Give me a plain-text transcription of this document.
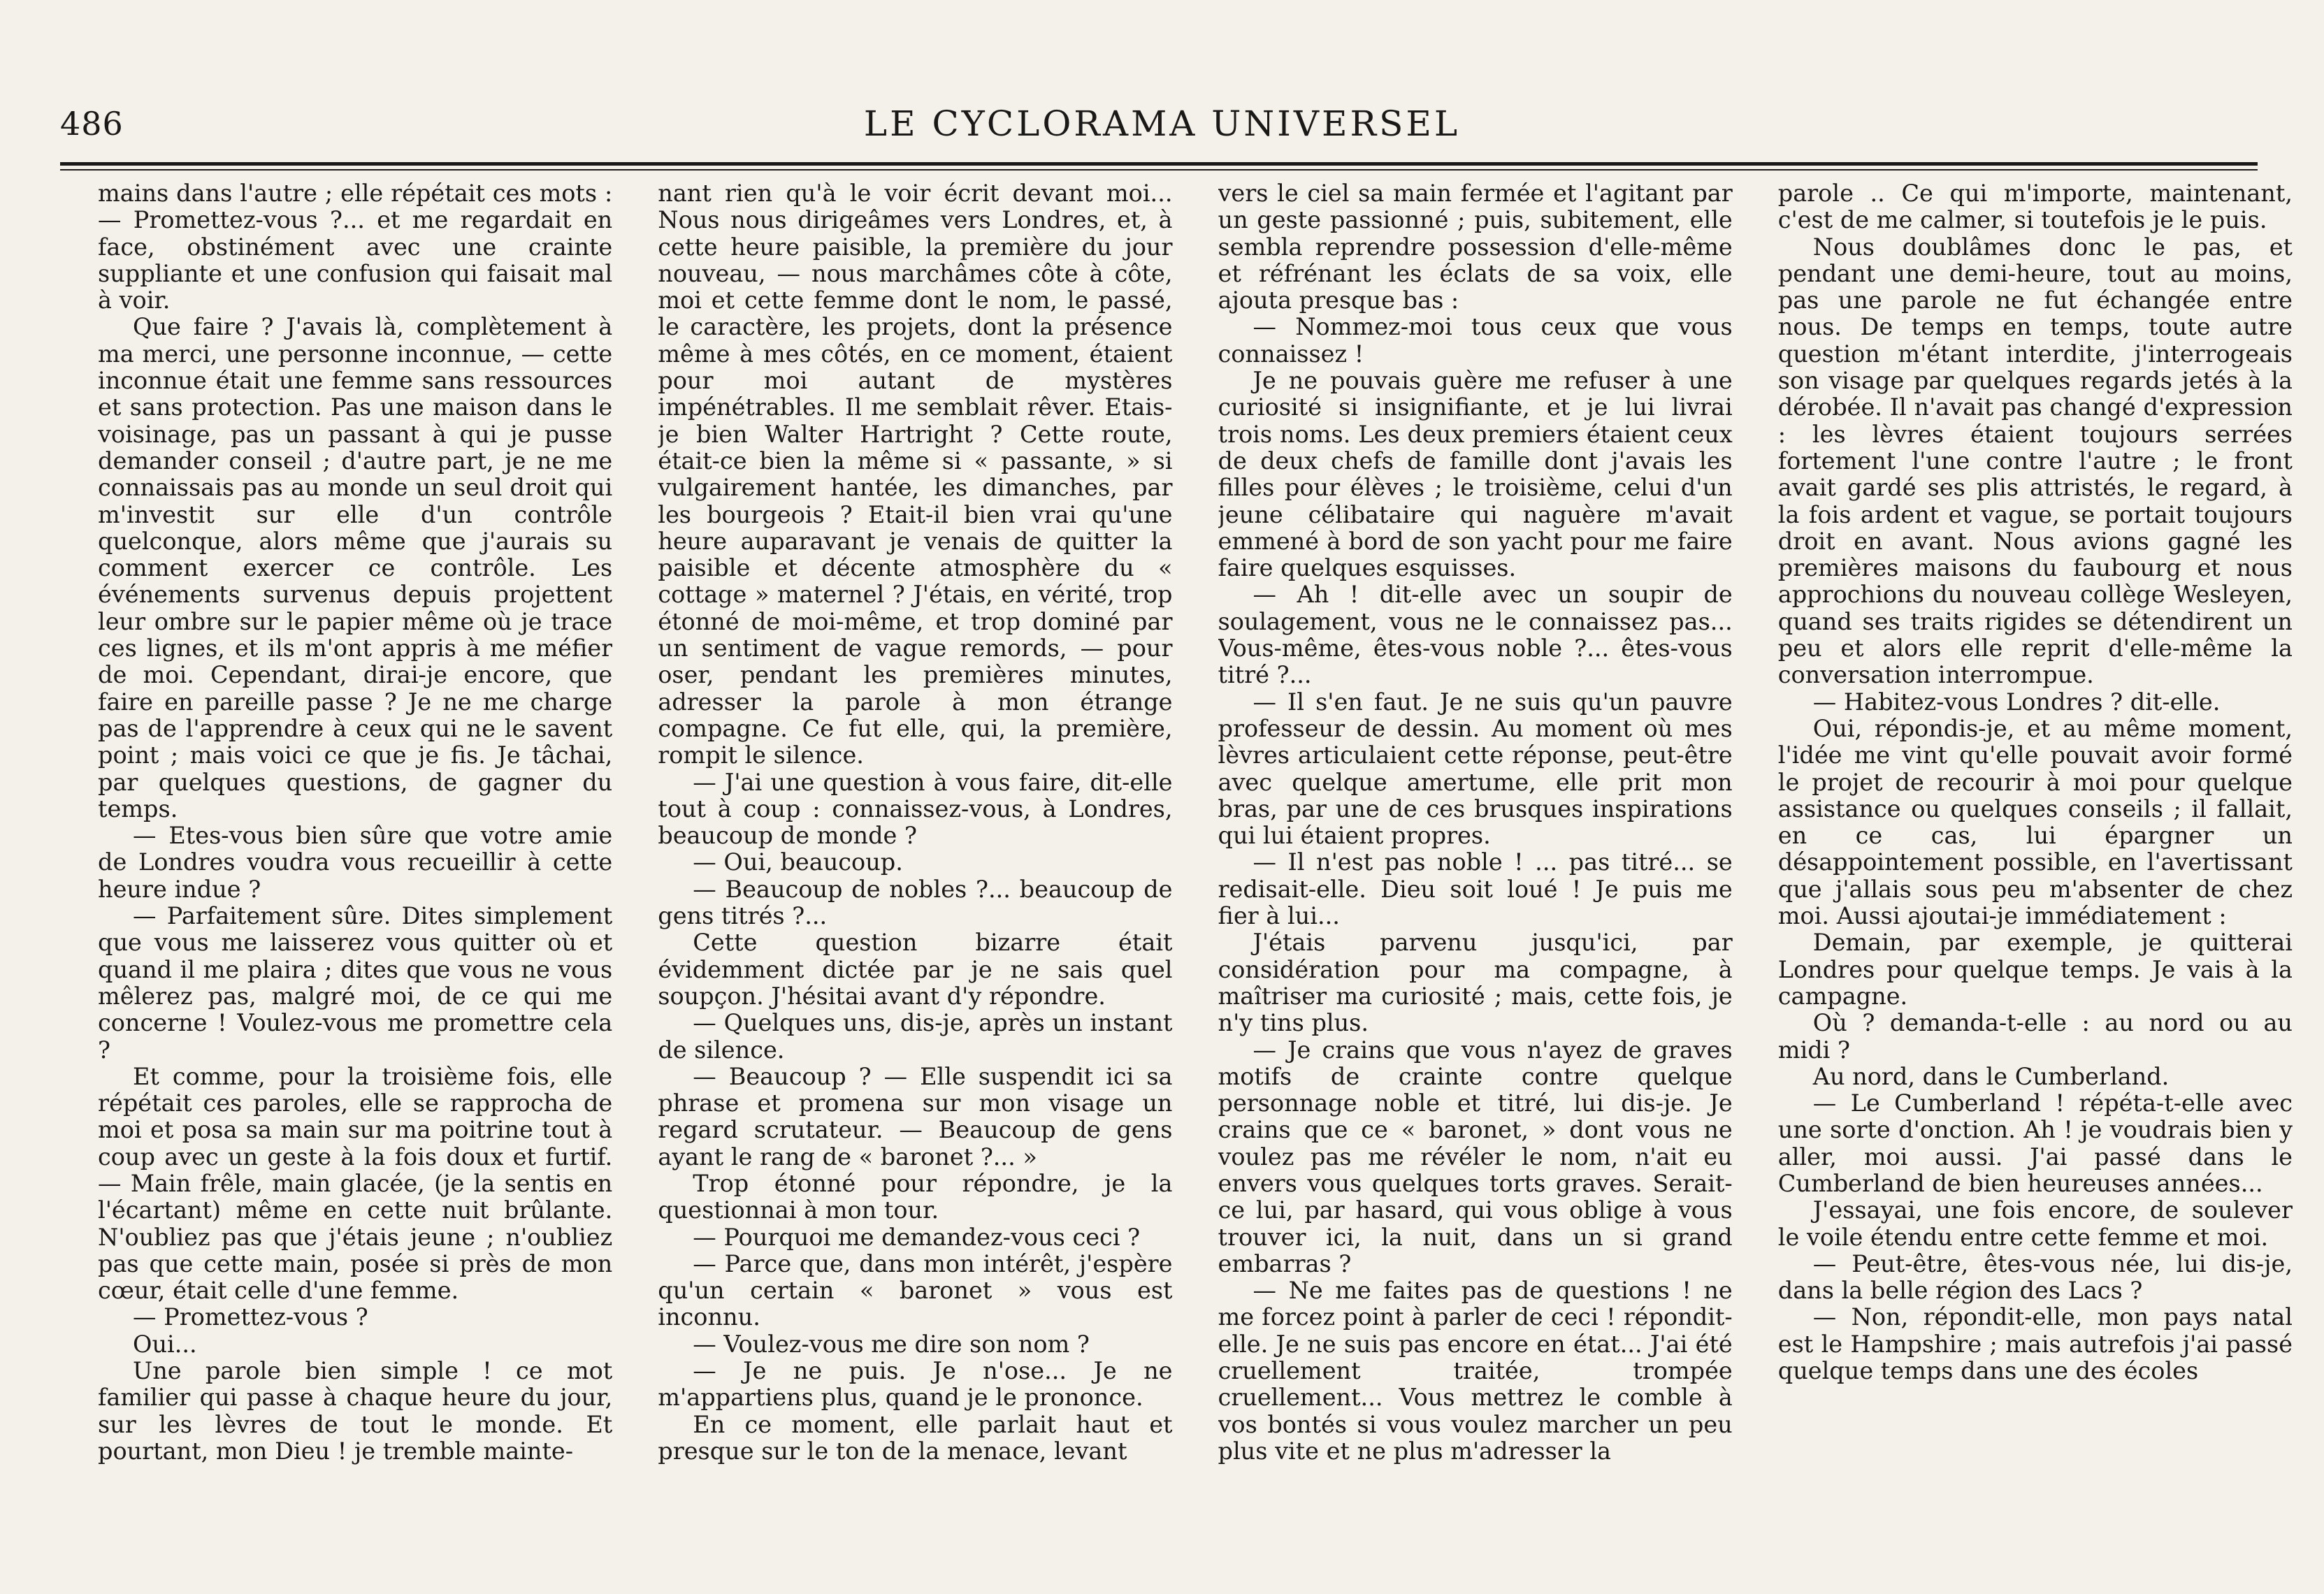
486	LE CYCLORAMA UNIVERSEL

mains dans l'autre ; elle répétait ces mots : — Promettez-vous ?... et me regardait en face, obstinément avec une crainte suppliante et une confusion qui faisait mal à voir.

Que faire ? J'avais là, complètement à ma merci, une personne inconnue, — cette inconnue était une femme sans ressources et sans protection. Pas une maison dans le voisinage, pas un passant à qui je pusse demander conseil ; d'autre part, je ne me connaissais pas au monde un seul droit qui m'investit sur elle d'un contrôle quelconque, alors même que j'aurais su comment exercer ce contrôle. Les événements survenus depuis projettent leur ombre sur le papier même où je trace ces lignes, et ils m'ont appris à me méfier de moi. Cependant, dirai-je encore, que faire en pareille passe ? Je ne me charge pas de l'apprendre à ceux qui ne le savent point ; mais voici ce que je fis. Je tâchai, par quelques questions, de gagner du temps.

— Etes-vous bien sûre que votre amie de Londres voudra vous recueillir à cette heure indue ?

— Parfaitement sûre. Dites simplement que vous me laisserez vous quitter où et quand il me plaira ; dites que vous ne vous mêlerez pas, malgré moi, de ce qui me concerne ! Voulez-vous me promettre cela ?

Et comme, pour la troisième fois, elle répétait ces paroles, elle se rapprocha de moi et posa sa main sur ma poitrine tout à coup avec un geste à la fois doux et furtif. — Main frêle, main glacée, (je la sentis en l'écartant) même en cette nuit brûlante. N'oubliez pas que j'étais jeune ; n'oubliez pas que cette main, posée si près de mon cœur, était celle d'une femme.

— Promettez-vous ?

Oui...

Une parole bien simple ! ce mot familier qui passe à chaque heure du jour, sur les lèvres de tout le monde. Et pourtant, mon Dieu ! je tremble mainte-

nant rien qu'à le voir écrit devant moi... Nous nous dirigeâmes vers Londres, et, à cette heure paisible, la première du jour nouveau, — nous marchâmes côte à côte, moi et cette femme dont le nom, le passé, le caractère, les projets, dont la présence même à mes côtés, en ce moment, étaient pour moi autant de mystères impénétrables. Il me semblait rêver. Etais-je bien Walter Hartright ? Cette route, était-ce bien la même si « passante, » si vulgairement hantée, les dimanches, par les bourgeois ? Etait-il bien vrai qu'une heure auparavant je venais de quitter la paisible et décente atmosphère du « cottage » maternel ? J'étais, en vérité, trop étonné de moi-même, et trop dominé par un sentiment de vague remords, — pour oser, pendant les premières minutes, adresser la parole à mon étrange compagne. Ce fut elle, qui, la première, rompit le silence.

— J'ai une question à vous faire, dit-elle tout à coup : connaissez-vous, à Londres, beaucoup de monde ?

— Oui, beaucoup.

— Beaucoup de nobles ?... beaucoup de gens titrés ?...

Cette question bizarre était évidemment dictée par je ne sais quel soupçon. J'hésitai avant d'y répondre.

— Quelques uns, dis-je, après un instant de silence.

— Beaucoup ? — Elle suspendit ici sa phrase et promena sur mon visage un regard scrutateur. — Beaucoup de gens ayant le rang de « baronet ?... »

Trop étonné pour répondre, je la questionnai à mon tour.

— Pourquoi me demandez-vous ceci ?

— Parce que, dans mon intérêt, j'espère qu'un certain « baronet » vous est inconnu.

— Voulez-vous me dire son nom ?

— Je ne puis. Je n'ose... Je ne m'appartiens plus, quand je le prononce.

En ce moment, elle parlait haut et presque sur le ton de la menace, levant

vers le ciel sa main fermée et l'agitant par un geste passionné ; puis, subitement, elle sembla reprendre possession d'elle-même et réfrénant les éclats de sa voix, elle ajouta presque bas :

— Nommez-moi tous ceux que vous connaissez !

Je ne pouvais guère me refuser à une curiosité si insignifiante, et je lui livrai trois noms. Les deux premiers étaient ceux de deux chefs de famille dont j'avais les filles pour élèves ; le troisième, celui d'un jeune célibataire qui naguère m'avait emmené à bord de son yacht pour me faire faire quelques esquisses.

— Ah ! dit-elle avec un soupir de soulagement, vous ne le connaissez pas... Vous-même, êtes-vous noble ?... êtes-vous titré ?...

— Il s'en faut. Je ne suis qu'un pauvre professeur de dessin. Au moment où mes lèvres articulaient cette réponse, peut-être avec quelque amertume, elle prit mon bras, par une de ces brusques inspirations qui lui étaient propres.

— Il n'est pas noble ! ... pas titré... se redisait-elle. Dieu soit loué ! Je puis me fier à lui...

J'étais parvenu jusqu'ici, par considération pour ma compagne, à maîtriser ma curiosité ; mais, cette fois, je n'y tins plus.

— Je crains que vous n'ayez de graves motifs de crainte contre quelque personnage noble et titré, lui dis-je. Je crains que ce « baronet, » dont vous ne voulez pas me révéler le nom, n'ait eu envers vous quelques torts graves. Serait-ce lui, par hasard, qui vous oblige à vous trouver ici, la nuit, dans un si grand embarras ?

— Ne me faites pas de questions ! ne me forcez point à parler de ceci ! répondit-elle. Je ne suis pas encore en état... J'ai été cruellement traitée, trompée cruellement... Vous mettrez le comble à vos bontés si vous voulez marcher un peu plus vite et ne plus m'adresser la

parole .. Ce qui m'importe, maintenant, c'est de me calmer, si toutefois je le puis.

Nous doublâmes donc le pas, et pendant une demi-heure, tout au moins, pas une parole ne fut échangée entre nous. De temps en temps, toute autre question m'étant interdite, j'interrogeais son visage par quelques regards jetés à la dérobée. Il n'avait pas changé d'expression : les lèvres étaient toujours serrées fortement l'une contre l'autre ; le front avait gardé ses plis attristés, le regard, à la fois ardent et vague, se portait toujours droit en avant. Nous avions gagné les premières maisons du faubourg et nous approchions du nouveau collège Wesleyen, quand ses traits rigides se détendirent un peu et alors elle reprit d'elle-même la conversation interrompue.

— Habitez-vous Londres ? dit-elle.

Oui, répondis-je, et au même moment, l'idée me vint qu'elle pouvait avoir formé le projet de recourir à moi pour quelque assistance ou quelques conseils ; il fallait, en ce cas, lui épargner un désappointement possible, en l'avertissant que j'allais sous peu m'absenter de chez moi. Aussi ajoutai-je immédiatement :

Demain, par exemple, je quitterai Londres pour quelque temps. Je vais à la campagne.

Où ? demanda-t-elle : au nord ou au midi ?

Au nord, dans le Cumberland.

— Le Cumberland ! répéta-t-elle avec une sorte d'onction. Ah ! je voudrais bien y aller, moi aussi. J'ai passé dans le Cumberland de bien heureuses années...

J'essayai, une fois encore, de soulever le voile étendu entre cette femme et moi.

— Peut-être, êtes-vous née, lui dis-je, dans la belle région des Lacs ?

— Non, répondit-elle, mon pays natal est le Hampshire ; mais autrefois j'ai passé quelque temps dans une des écoles
